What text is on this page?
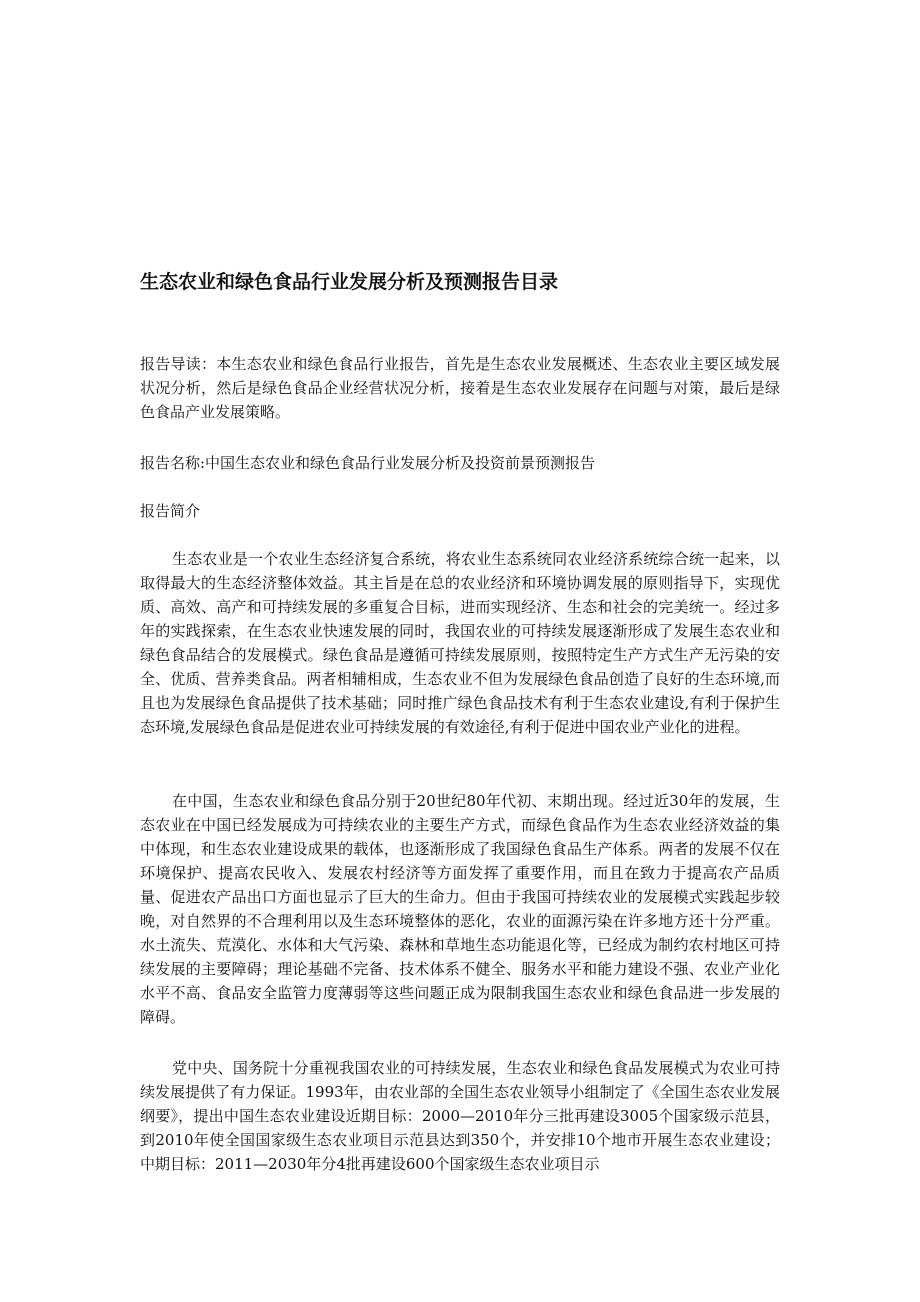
生态农业和绿色食品行业发展分析及预测报告目录

报告导读：本生态农业和绿色食品行业报告，首先是生态农业发展概述、生态农业主要区域发展状况分析，然后是绿色食品企业经营状况分析，接着是生态农业发展存在问题与对策，最后是绿色食品产业发展策略。

报告名称:中国生态农业和绿色食品行业发展分析及投资前景预测报告

报告简介

生态农业是一个农业生态经济复合系统，将农业生态系统同农业经济系统综合统一起来，以取得最大的生态经济整体效益。其主旨是在总的农业经济和环境协调发展的原则指导下，实现优质、高效、高产和可持续发展的多重复合目标，进而实现经济、生态和社会的完美统一。经过多年的实践探索，在生态农业快速发展的同时，我国农业的可持续发展逐渐形成了发展生态农业和绿色食品结合的发展模式。绿色食品是遵循可持续发展原则，按照特定生产方式生产无污染的安全、优质、营养类食品。两者相辅相成，生态农业不但为发展绿色食品创造了良好的生态环境,而且也为发展绿色食品提供了技术基础；同时推广绿色食品技术有利于生态农业建设,有利于保护生态环境,发展绿色食品是促进农业可持续发展的有效途径,有利于促进中国农业产业化的进程。

在中国，生态农业和绿色食品分别于20世纪80年代初、末期出现。经过近30年的发展，生态农业在中国已经发展成为可持续农业的主要生产方式，而绿色食品作为生态农业经济效益的集中体现，和生态农业建设成果的载体，也逐渐形成了我国绿色食品生产体系。两者的发展不仅在环境保护、提高农民收入、发展农村经济等方面发挥了重要作用，而且在致力于提高农产品质量、促进农产品出口方面也显示了巨大的生命力。但由于我国可持续农业的发展模式实践起步较晚，对自然界的不合理利用以及生态环境整体的恶化，农业的面源污染在许多地方还十分严重。水土流失、荒漠化、水体和大气污染、森林和草地生态功能退化等，已经成为制约农村地区可持续发展的主要障碍；理论基础不完备、技术体系不健全、服务水平和能力建设不强、农业产业化水平不高、食品安全监管力度薄弱等这些问题正成为限制我国生态农业和绿色食品进一步发展的障碍。

党中央、国务院十分重视我国农业的可持续发展，生态农业和绿色食品发展模式为农业可持续发展提供了有力保证。1993年，由农业部的全国生态农业领导小组制定了《全国生态农业发展纲要》，提出中国生态农业建设近期目标：2000—2010年分三批再建设3005个国家级示范县，到2010年使全国国家级生态农业项目示范县达到350个，并安排10个地市开展生态农业建设；中期目标：2011—2030年分4批再建设600个国家级生态农业项目示
